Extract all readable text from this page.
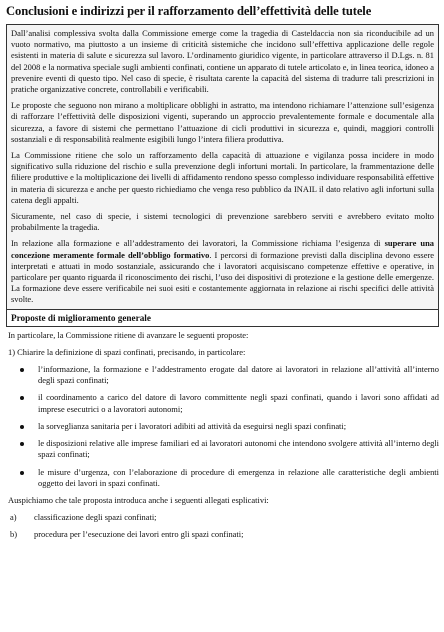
Conclusioni e indirizzi per il rafforzamento dell’effettività delle tutele

Dall’analisi complessiva svolta dalla Commissione emerge come la tragedia di Casteldaccia non sia riconducibile ad un vuoto normativo, ma piuttosto a un insieme di criticità sistemiche che incidono sull’effettiva applicazione delle regole esistenti in materia di salute e sicurezza sul lavoro. L’ordinamento giuridico vigente, in particolare attraverso il D.Lgs. n. 81 del 2008 e la normativa speciale sugli ambienti confinati, contiene un apparato di tutele articolato e, in linea teorica, idoneo a prevenire eventi di questo tipo. Nel caso di specie, è risultata carente la capacità del sistema di tradurre tali prescrizioni in pratiche organizzative concrete, controllabili e verificabili.

Le proposte che seguono non mirano a moltiplicare obblighi in astratto, ma intendono richiamare l’attenzione sull’esigenza di rafforzare l’effettività delle disposizioni vigenti, superando un approccio prevalentemente formale e documentale alla sicurezza, a favore di sistemi che permettano l’attuazione di cicli produttivi in sicurezza e, quindi, maggiori controlli sostanziali e di responsabilità realmente esigibili lungo l’intera filiera produttiva.

La Commissione ritiene che solo un rafforzamento della capacità di attuazione e vigilanza possa incidere in modo significativo sulla riduzione del rischio e sulla prevenzione degli infortuni mortali. In particolare, la frammentazione delle filiere produttive e la moltiplicazione dei livelli di affidamento rendono spesso complesso individuare responsabilità effettive in materia di sicurezza e anche per questo richiediamo che venga reso pubblico da INAIL il dato relativo agli infortuni sulla catena degli appalti.

Sicuramente, nel caso di specie, i sistemi tecnologici di prevenzione sarebbero serviti e avrebbero evitato molto probabilmente la tragedia.

In relazione alla formazione e all’addestramento dei lavoratori, la Commissione richiama l’esigenza di superare una concezione meramente formale dell’obbligo formativo. I percorsi di formazione previsti dalla disciplina devono essere interpretati e attuati in modo sostanziale, assicurando che i lavoratori acquisiscano competenze effettive e operative, in particolare per quanto riguarda il riconoscimento dei rischi, l’uso dei dispositivi di protezione e la gestione delle emergenze. La formazione deve essere verificabile nei suoi esiti e costantemente aggiornata in relazione ai rischi specifici delle attività svolte.

Proposte di miglioramento generale

In particolare, la Commissione ritiene di avanzare le seguenti proposte:

1) Chiarire la definizione di spazi confinati, precisando, in particolare:

l’informazione, la formazione e l’addestramento erogate dal datore ai lavoratori in relazione all’attività all’interno degli spazi confinati;
il coordinamento a carico del datore di lavoro committente negli spazi confinati, quando i lavori sono affidati ad imprese esecutrici o a lavoratori autonomi;
la sorveglianza sanitaria per i lavoratori adibiti ad attività da eseguirsi negli spazi confinati;
le disposizioni relative alle imprese familiari ed ai lavoratori autonomi che intendono svolgere attività all’interno degli spazi confinati;
le misure d’urgenza, con l’elaborazione di procedure di emergenza in relazione alle caratteristiche degli ambienti oggetto dei lavori in spazi confinati.

Auspichiamo che tale proposta introduca anche i seguenti allegati esplicativi:

a) classificazione degli spazi confinati;
b) procedura per l’esecuzione dei lavori entro gli spazi confinati;
